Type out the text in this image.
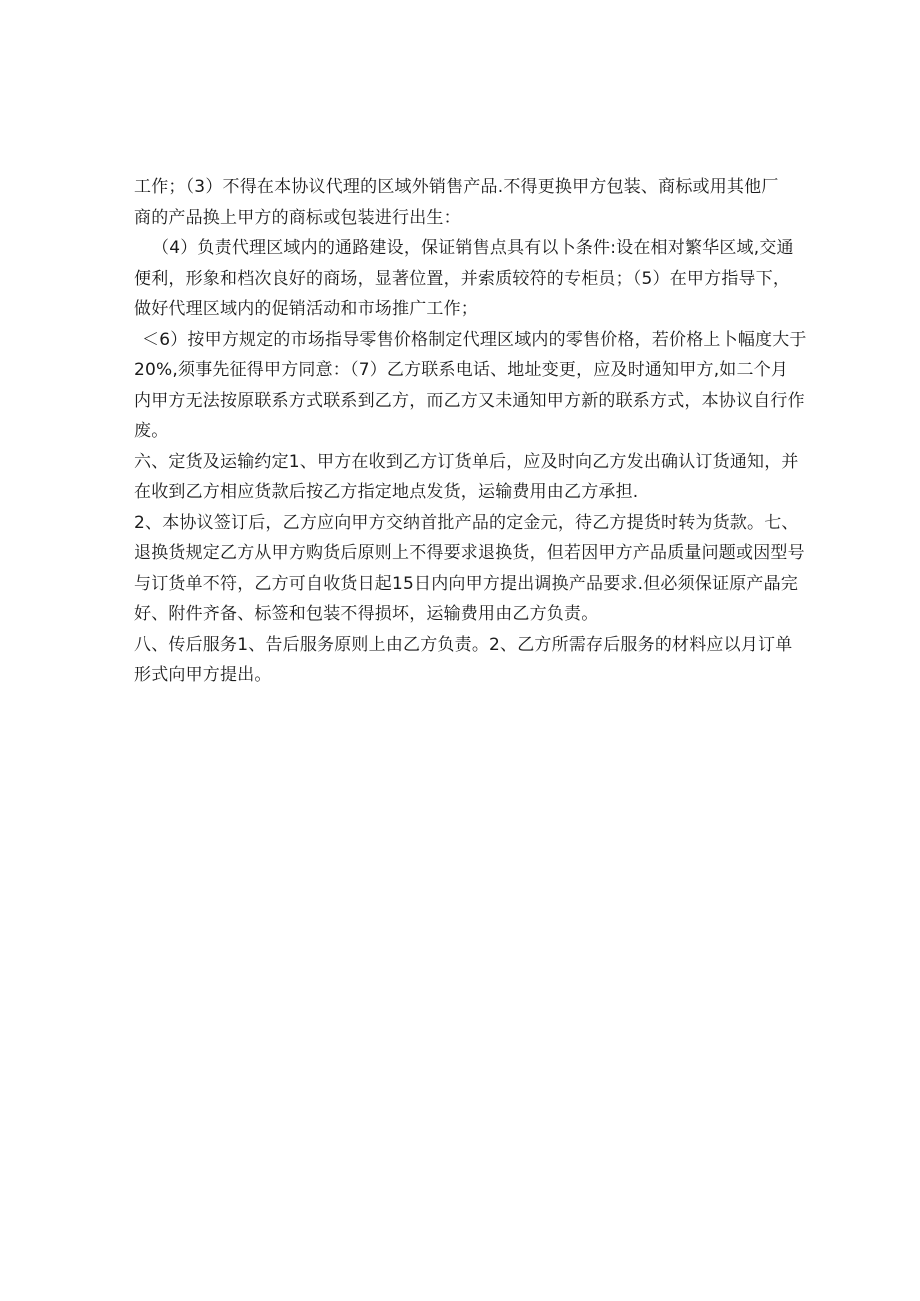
工作；（3）不得在本协议代理的区域外销售产品.不得更换甲方包装、商标或用其他厂
商的产品换上甲方的商标或包装进行出生：
（4）负责代理区域内的通路建设，保证销售点具有以卜条件:设在相对繁华区域,交通
便利，形象和档次良好的商场，显著位置，并索质较符的专柜员；（5）在甲方指导下，
做好代理区域内的促销活动和市场推广工作；
＜6）按甲方规定的市场指导零售价格制定代理区域内的零售价格，若价格上卜幅度大于
20%,须事先征得甲方同意：（7）乙方联系电话、地址变更，应及时通知甲方,如二个月
内甲方无法按原联系方式联系到乙方，而乙方又未通知甲方新的联系方式，本协议自行作
废。
六、定货及运输约定1、甲方在收到乙方订货单后，应及时向乙方发出确认订货通知，并
在收到乙方相应货款后按乙方指定地点发货，运输费用由乙方承担.
2、本协议签订后，乙方应向甲方交纳首批产品的定金元，待乙方提货时转为货款。七、
退换货规定乙方从甲方购货后原则上不得要求退换货，但若因甲方产品质量问题或因型号
与订货单不符，乙方可自收货日起15日内向甲方提出调换产品要求.但必须保证原产晶完
好、附件齐备、标签和包装不得损坏，运输费用由乙方负责。
八、传后服务1、告后服务原则上由乙方负责。2、乙方所需存后服务的材料应以月订单
形式向甲方提出。
